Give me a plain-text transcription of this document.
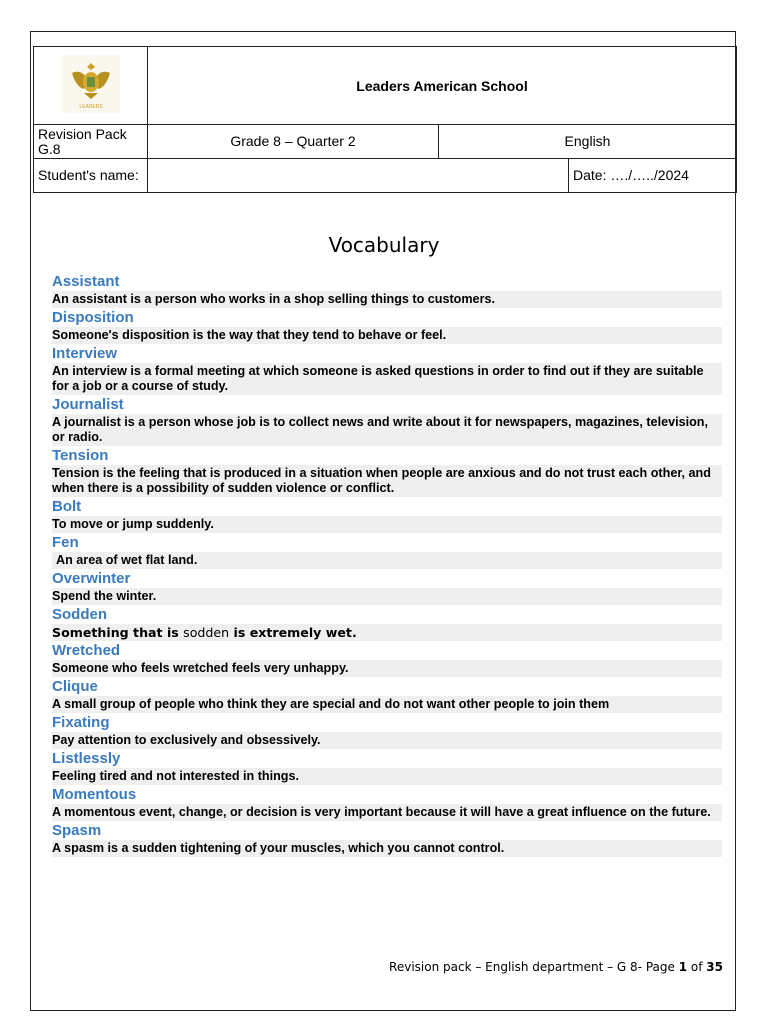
LEADERS	Leaders American School		
Revision Pack G.8	Grade 8 – Quarter 2	English	
Student's name:			Date: …./…../2024
Vocabulary
Assistant
An assistant is a person who works in a shop selling things to customers.
Disposition
Someone's disposition is the way that they tend to behave or feel.
Interview
An interview is a formal meeting at which someone is asked questions in order to find out if they are suitable for a job or a course of study.
Journalist
A journalist is a person whose job is to collect news and write about it for newspapers, magazines, television, or radio.
Tension
Tension is the feeling that is produced in a situation when people are anxious and do not trust each other, and when there is a possibility of sudden violence or conflict.
Bolt
To move or jump suddenly.
Fen
An area of wet flat land.
Overwinter
Spend the winter.
Sodden
Something that is sodden is extremely wet.
Wretched
Someone who feels wretched feels very unhappy.
Clique
A small group of people who think they are special and do not want other people to join them
Fixating
Pay attention to exclusively and obsessively.
Listlessly
Feeling tired and not interested in things.
Momentous
A momentous event, change, or decision is very important because it will have a great influence on the future.
Spasm
A spasm is a sudden tightening of your muscles, which you cannot control.
Revision pack – English department – G 8- Page 1 of 35
